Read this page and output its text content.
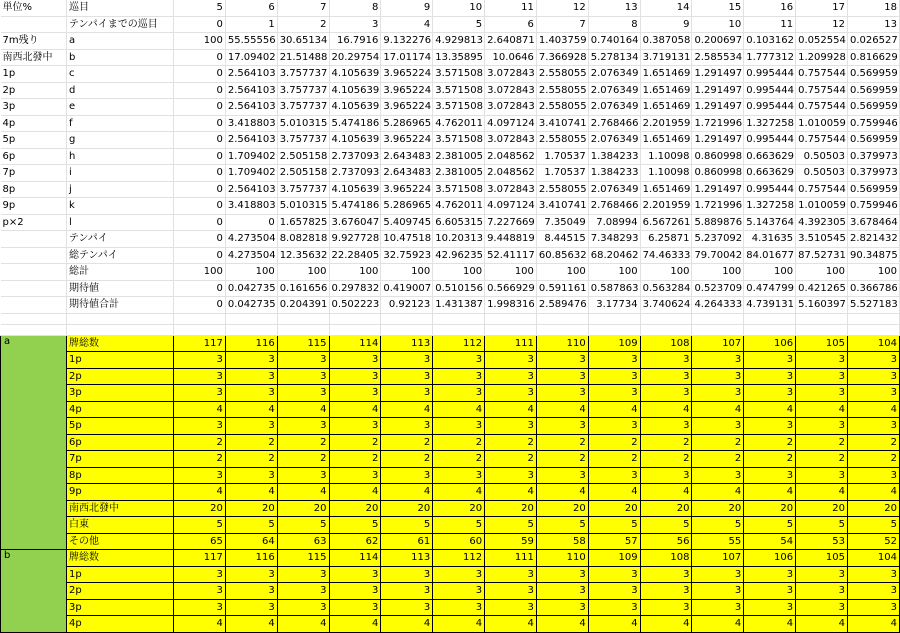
単位%	巡目	5	6	7	8	9	10	11	12	13	14	15	16	17	18
	テンパイまでの巡目	0	1	2	3	4	5	6	7	8	9	10	11	12	13
7m残り	a	100	55.55556	30.65134	16.7916	9.132276	4.929813	2.640871	1.403759	0.740164	0.387058	0.200697	0.103162	0.052554	0.026527
南西北發中	b	0	17.09402	21.51488	20.29754	17.01174	13.35895	10.0646	7.366928	5.278134	3.719131	2.585534	1.777312	1.209928	0.816629
1p	c	0	2.564103	3.757737	4.105639	3.965224	3.571508	3.072843	2.558055	2.076349	1.651469	1.291497	0.995444	0.757544	0.569959
2p	d	0	2.564103	3.757737	4.105639	3.965224	3.571508	3.072843	2.558055	2.076349	1.651469	1.291497	0.995444	0.757544	0.569959
3p	e	0	2.564103	3.757737	4.105639	3.965224	3.571508	3.072843	2.558055	2.076349	1.651469	1.291497	0.995444	0.757544	0.569959
4p	f	0	3.418803	5.010315	5.474186	5.286965	4.762011	4.097124	3.410741	2.768466	2.201959	1.721996	1.327258	1.010059	0.759946
5p	g	0	2.564103	3.757737	4.105639	3.965224	3.571508	3.072843	2.558055	2.076349	1.651469	1.291497	0.995444	0.757544	0.569959
6p	h	0	1.709402	2.505158	2.737093	2.643483	2.381005	2.048562	1.70537	1.384233	1.10098	0.860998	0.663629	0.50503	0.379973
7p	i	0	1.709402	2.505158	2.737093	2.643483	2.381005	2.048562	1.70537	1.384233	1.10098	0.860998	0.663629	0.50503	0.379973
8p	j	0	2.564103	3.757737	4.105639	3.965224	3.571508	3.072843	2.558055	2.076349	1.651469	1.291497	0.995444	0.757544	0.569959
9p	k	0	3.418803	5.010315	5.474186	5.286965	4.762011	4.097124	3.410741	2.768466	2.201959	1.721996	1.327258	1.010059	0.759946
p×2	l	0	0	1.657825	3.676047	5.409745	6.605315	7.227669	7.35049	7.08994	6.567261	5.889876	5.143764	4.392305	3.678464
	テンパイ	0	4.273504	8.082818	9.927728	10.47518	10.20313	9.448819	8.44515	7.348293	6.25871	5.237092	4.31635	3.510545	2.821432
	総テンパイ	0	4.273504	12.35632	22.28405	32.75923	42.96235	52.41117	60.85632	68.20462	74.46333	79.70042	84.01677	87.52731	90.34875
	総計	100	100	100	100	100	100	100	100	100	100	100	100	100	100
	期待値	0	0.042735	0.161656	0.297832	0.419007	0.510156	0.566929	0.591161	0.587863	0.563284	0.523709	0.474799	0.421265	0.366786
	期待値合計	0	0.042735	0.204391	0.502223	0.92123	1.431387	1.998316	2.589476	3.17734	3.740624	4.264333	4.739131	5.160397	5.527183

a	牌総数	117	116	115	114	113	112	111	110	109	108	107	106	105	104
	1p	3	3	3	3	3	3	3	3	3	3	3	3	3	3
	2p	3	3	3	3	3	3	3	3	3	3	3	3	3	3
	3p	3	3	3	3	3	3	3	3	3	3	3	3	3	3
	4p	4	4	4	4	4	4	4	4	4	4	4	4	4	4
	5p	3	3	3	3	3	3	3	3	3	3	3	3	3	3
	6p	2	2	2	2	2	2	2	2	2	2	2	2	2	2
	7p	2	2	2	2	2	2	2	2	2	2	2	2	2	2
	8p	3	3	3	3	3	3	3	3	3	3	3	3	3	3
	9p	4	4	4	4	4	4	4	4	4	4	4	4	4	4
	南西北發中	20	20	20	20	20	20	20	20	20	20	20	20	20	20
	白東	5	5	5	5	5	5	5	5	5	5	5	5	5	5
	その他	65	64	63	62	61	60	59	58	57	56	55	54	53	52
b	牌総数	117	116	115	114	113	112	111	110	109	108	107	106	105	104
	1p	3	3	3	3	3	3	3	3	3	3	3	3	3	3
	2p	3	3	3	3	3	3	3	3	3	3	3	3	3	3
	3p	3	3	3	3	3	3	3	3	3	3	3	3	3	3
	4p	4	4	4	4	4	4	4	4	4	4	4	4	4	4
